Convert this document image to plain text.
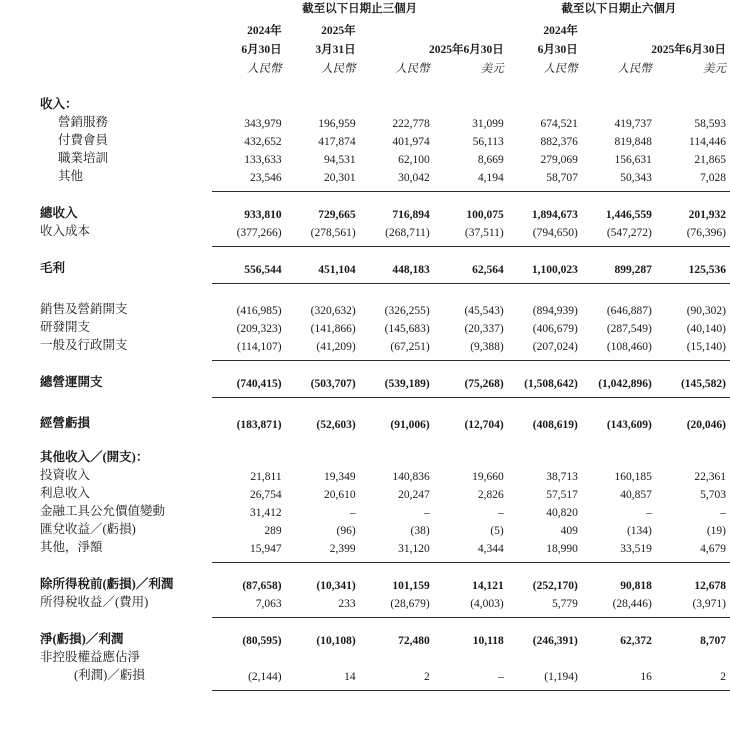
	截至以下日期止三個月				截至以下日期止六個月		
	2024年	2025年			2024年		
	6月30日	3月31日	2025年6月30日		6月30日	2025年6月30日	
	人民幣	人民幣	人民幣	美元	人民幣	人民幣	美元

收入：							
營銷服務	343,979	196,959	222,778	31,099	674,521	419,737	58,593
付費會員	432,652	417,874	401,974	56,113	882,376	819,848	114,446
職業培訓	133,633	94,531	62,100	8,669	279,069	156,631	21,865
其他	23,546	20,301	30,042	4,194	58,707	50,343	7,028

總收入	933,810	729,665	716,894	100,075	1,894,673	1,446,559	201,932
收入成本	(377,266)	(278,561)	(268,711)	(37,511)	(794,650)	(547,272)	(76,396)

毛利	556,544	451,104	448,183	62,564	1,100,023	899,287	125,536

銷售及營銷開支	(416,985)	(320,632)	(326,255)	(45,543)	(894,939)	(646,887)	(90,302)
研發開支	(209,323)	(141,866)	(145,683)	(20,337)	(406,679)	(287,549)	(40,140)
一般及行政開支	(114,107)	(41,209)	(67,251)	(9,388)	(207,024)	(108,460)	(15,140)

總營運開支	(740,415)	(503,707)	(539,189)	(75,268)	(1,508,642)	(1,042,896)	(145,582)

經營虧損	(183,871)	(52,603)	(91,006)	(12,704)	(408,619)	(143,609)	(20,046)

其他收入／(開支)：							
投資收入	21,811	19,349	140,836	19,660	38,713	160,185	22,361
利息收入	26,754	20,610	20,247	2,826	57,517	40,857	5,703
金融工具公允價值變動	31,412	–	–	–	40,820	–	–
匯兌收益／(虧損)	289	(96)	(38)	(5)	409	(134)	(19)
其他，淨額	15,947	2,399	31,120	4,344	18,990	33,519	4,679

除所得稅前(虧損)／利潤	(87,658)	(10,341)	101,159	14,121	(252,170)	90,818	12,678
所得稅收益／(費用)	7,063	233	(28,679)	(4,003)	5,779	(28,446)	(3,971)

淨(虧損)／利潤	(80,595)	(10,108)	72,480	10,118	(246,391)	62,372	8,707
非控股權益應佔淨							
(利潤)／虧損	(2,144)	14	2	–	(1,194)	16	2
